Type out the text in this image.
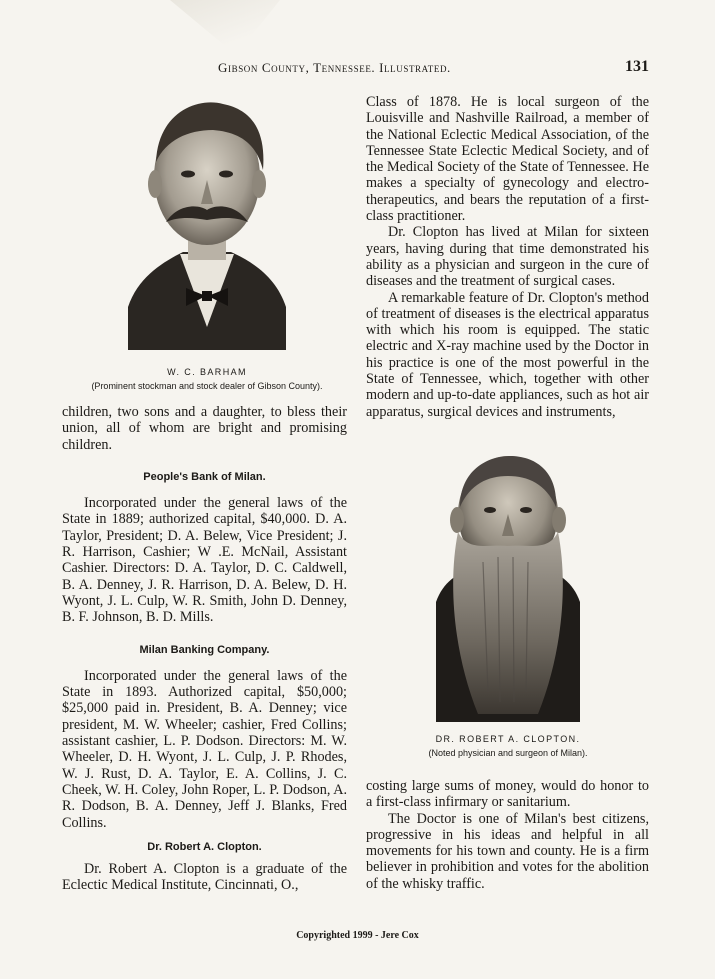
Gibson County, Tennessee. Illustrated.	131
W. C. BARHAM
(Prominent stockman and stock dealer of Gibson County).

children, two sons and a daughter, to bless their union, all of whom are bright and promising children.

People's Bank of Milan.

Incorporated under the general laws of the State in 1889; authorized capital, $40,000. D. A. Taylor, President; D. A. Belew, Vice President; J. R. Harrison, Cashier; W .E. McNail, Assistant Cashier. Directors: D. A. Taylor, D. C. Caldwell, B. A. Denney, J. R. Harrison, D. A. Belew, D. H. Wyont, J. L. Culp, W. R. Smith, John D. Denney, B. F. Johnson, B. D. Mills.

Milan Banking Company.

Incorporated under the general laws of the State in 1893. Authorized capital, $50,000; $25,000 paid in. President, B. A. Denney; vice president, M. W. Wheeler; cashier, Fred Collins; assistant cashier, L. P. Dodson. Directors: M. W. Wheeler, D. H. Wyont, J. L. Culp, J. P. Rhodes, W. J. Rust, D. A. Taylor, E. A. Collins, J. C. Cheek, W. H. Coley, John Roper, L. P. Dodson, A. R. Dodson, B. A. Denney, Jeff J. Blanks, Fred Collins.

Dr. Robert A. Clopton.

Dr. Robert A. Clopton is a graduate of the Eclectic Medical Institute, Cincinnati, O.,

Class of 1878. He is local surgeon of the Louisville and Nashville Railroad, a member of the National Eclectic Medical Association, of the Tennessee State Eclectic Medical Society, and of the Medical Society of the State of Tennessee. He makes a specialty of gynecology and electro-therapeutics, and bears the reputation of a first-class practitioner.

Dr. Clopton has lived at Milan for sixteen years, having during that time demonstrated his ability as a physician and surgeon in the cure of diseases and the treatment of surgical cases.

A remarkable feature of Dr. Clopton's method of treatment of diseases is the electrical apparatus with which his room is equipped. The static electric and X-ray machine used by the Doctor in his practice is one of the most powerful in the State of Tennessee, which, together with other modern and up-to-date appliances, such as hot air apparatus, surgical devices and instruments,

DR. ROBERT A. CLOPTON.
(Noted physician and surgeon of Milan).

costing large sums of money, would do honor to a first-class infirmary or sanitarium.

The Doctor is one of Milan's best citizens, progressive in his ideas and helpful in all movements for his town and county. He is a firm believer in prohibition and votes for the abolition of the whisky traffic.

Copyrighted 1999 - Jere Cox
